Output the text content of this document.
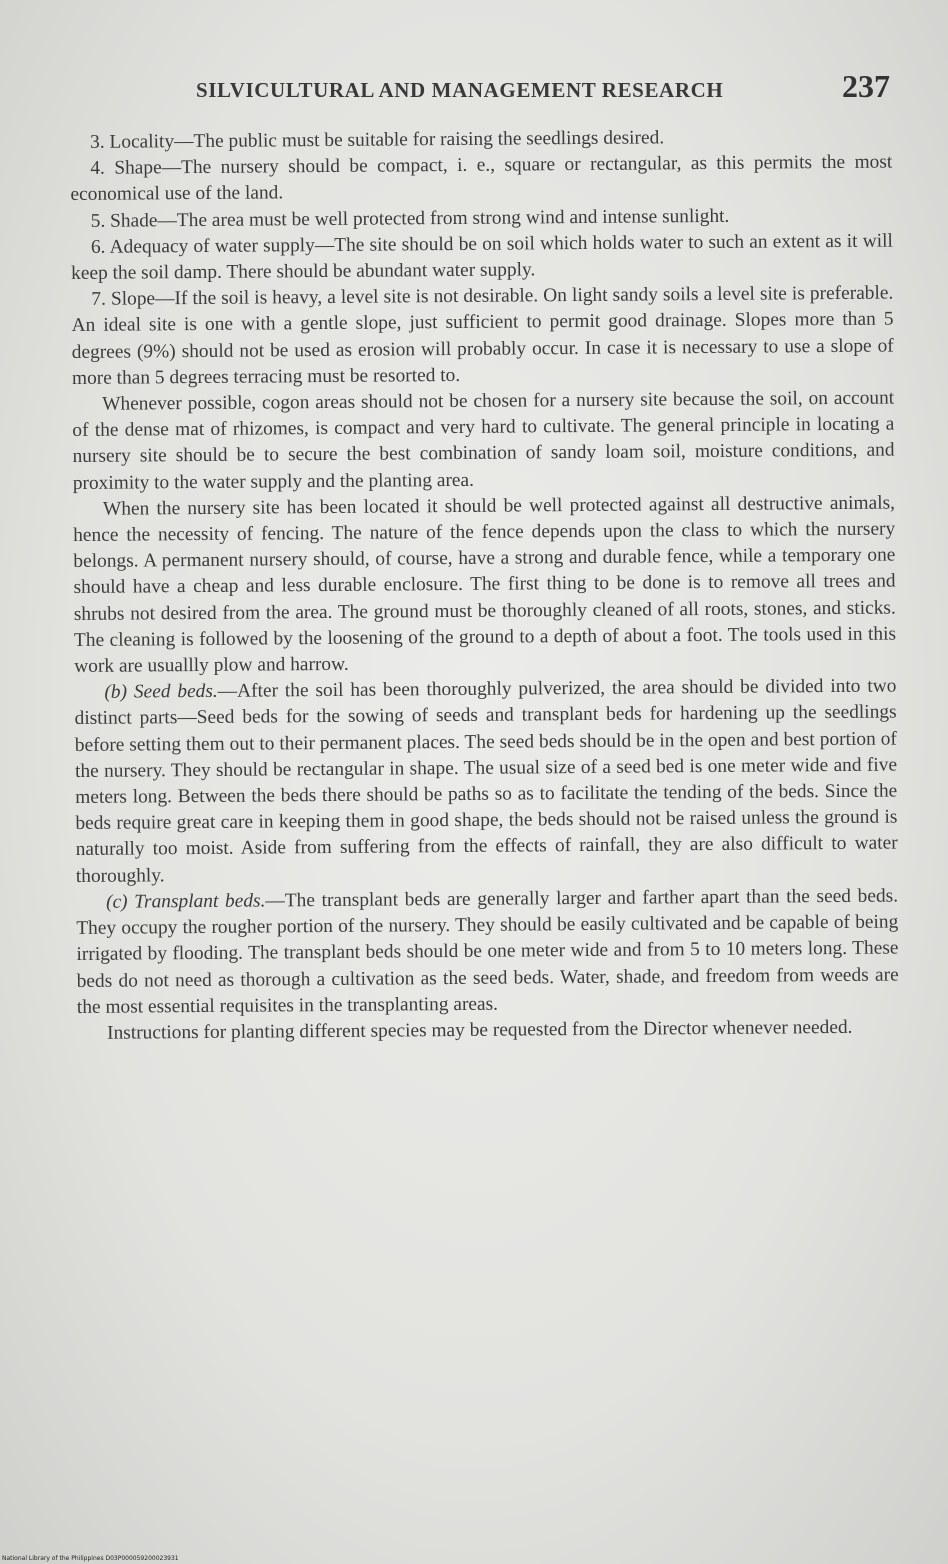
SILVICULTURAL AND MANAGEMENT RESEARCH	237

3. Locality—The public must be suitable for raising the seedlings desired.

4. Shape—The nursery should be compact, i. e., square or rectangular, as this permits the most economical use of the land.

5. Shade—The area must be well protected from strong wind and intense sunlight.

6. Adequacy of water supply—The site should be on soil which holds water to such an extent as it will keep the soil damp. There should be abundant water supply.

7. Slope—If the soil is heavy, a level site is not desirable. On light sandy soils a level site is preferable. An ideal site is one with a gentle slope, just sufficient to permit good drainage. Slopes more than 5 degrees (9%) should not be used as erosion will probably occur. In case it is necessary to use a slope of more than 5 degrees terracing must be resorted to.

Whenever possible, cogon areas should not be chosen for a nursery site because the soil, on account of the dense mat of rhizomes, is compact and very hard to cultivate. The general principle in locating a nursery site should be to secure the best combination of sandy loam soil, moisture conditions, and proximity to the water supply and the planting area.

When the nursery site has been located it should be well protected against all destructive animals, hence the necessity of fencing. The nature of the fence depends upon the class to which the nursery belongs. A permanent nursery should, of course, have a strong and durable fence, while a temporary one should have a cheap and less durable enclosure. The first thing to be done is to remove all trees and shrubs not desired from the area. The ground must be thoroughly cleaned of all roots, stones, and sticks. The cleaning is followed by the loosening of the ground to a depth of about a foot. The tools used in this work are usuallly plow and harrow.

(b) Seed beds.—After the soil has been thoroughly pulverized, the area should be divided into two distinct parts—Seed beds for the sowing of seeds and transplant beds for hardening up the seedlings before setting them out to their permanent places. The seed beds should be in the open and best portion of the nursery. They should be rectangular in shape. The usual size of a seed bed is one meter wide and five meters long. Between the beds there should be paths so as to facilitate the tending of the beds. Since the beds require great care in keeping them in good shape, the beds should not be raised unless the ground is naturally too moist. Aside from suffering from the effects of rainfall, they are also difficult to water thoroughly.

(c) Transplant beds.—The transplant beds are generally larger and farther apart than the seed beds. They occupy the rougher portion of the nursery. They should be easily cultivated and be capable of being irrigated by flooding. The transplant beds should be one meter wide and from 5 to 10 meters long. These beds do not need as thorough a cultivation as the seed beds. Water, shade, and freedom from weeds are the most essential requisites in the transplanting areas.

Instructions for planting different species may be requested from the Director whenever needed.

National Library of the Philippines D03P000059200023931
